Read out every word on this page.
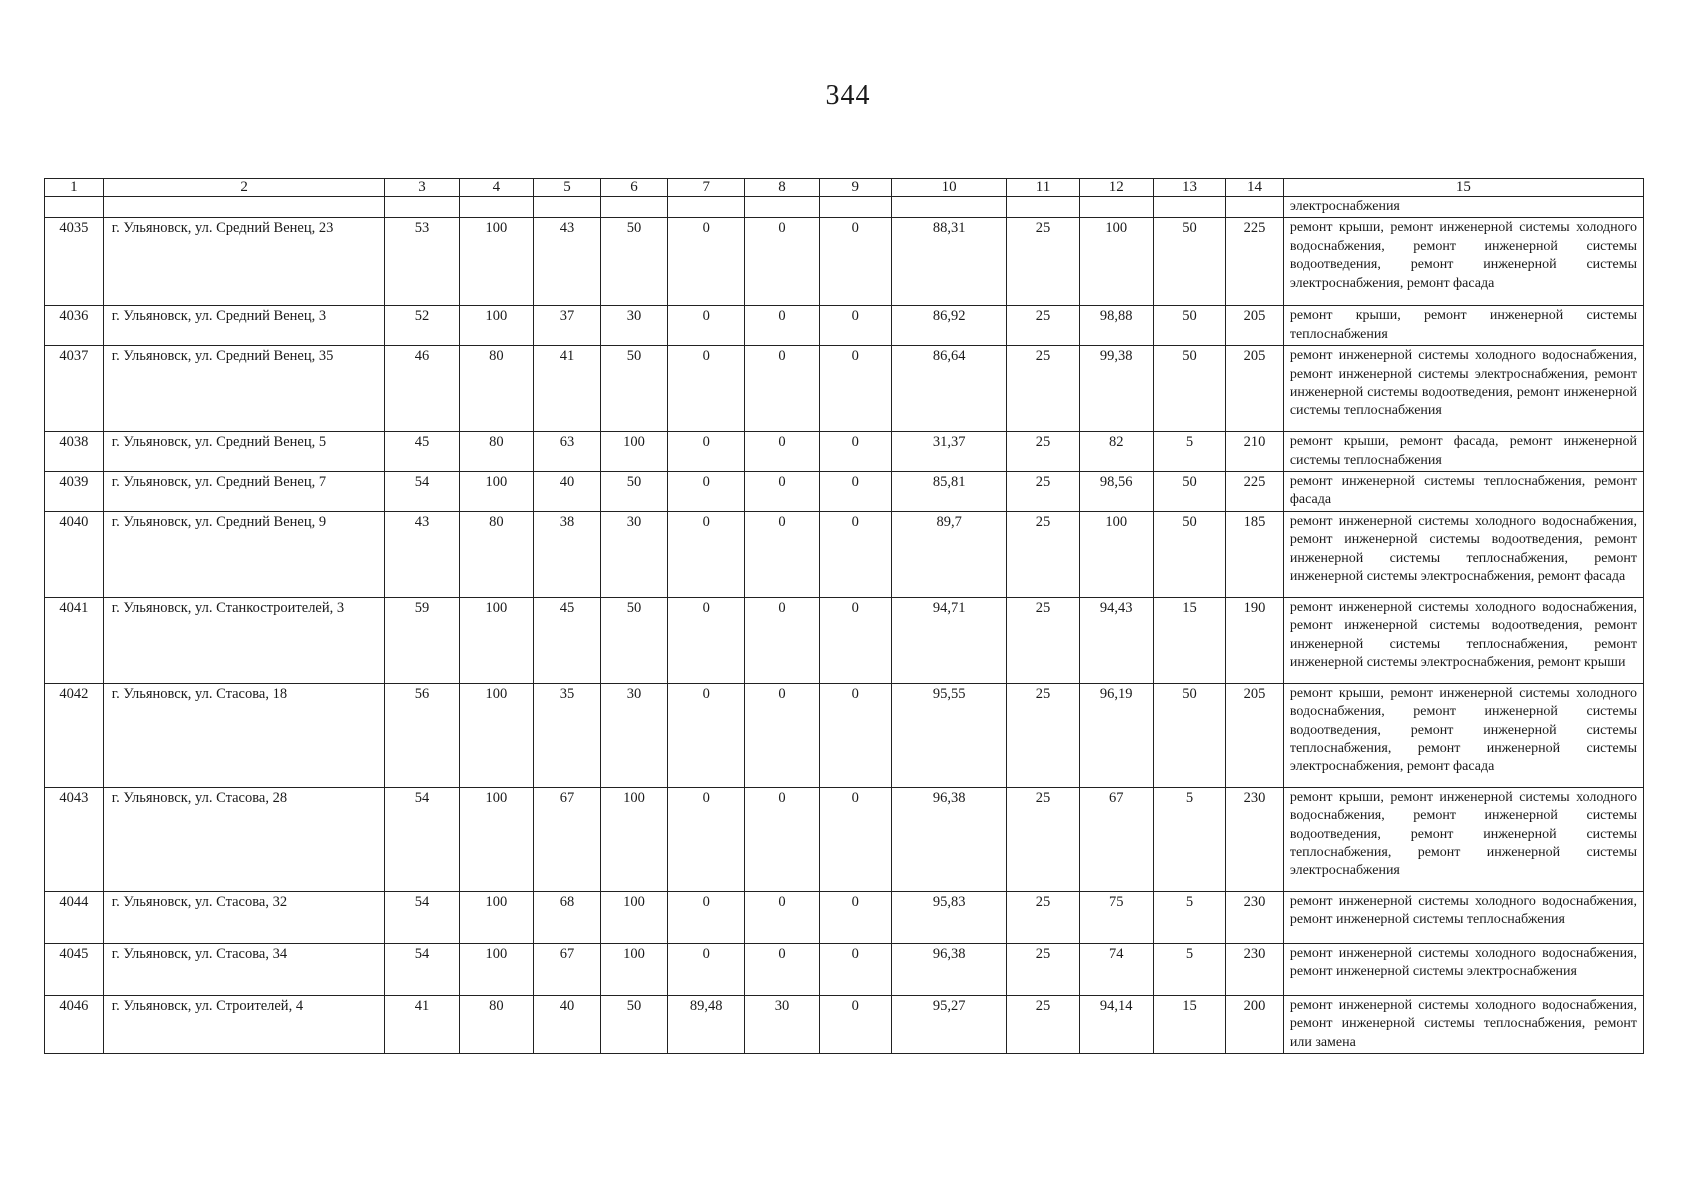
344
1	2	3	4	5	6	7	8	9	10	11	12	13	14	15
														электроснабжения
4035	г. Ульяновск, ул. Средний Венец, 23	53	100	43	50	0	0	0	88,31	25	100	50	225	ремонт крыши, ремонт инженерной системы холодного водоснабжения, ремонт инженерной системы водоотведения, ремонт инженерной системы электроснабжения, ремонт фасада
4036	г. Ульяновск, ул. Средний Венец, 3	52	100	37	30	0	0	0	86,92	25	98,88	50	205	ремонт крыши, ремонт инженерной системы теплоснабжения
4037	г. Ульяновск, ул. Средний Венец, 35	46	80	41	50	0	0	0	86,64	25	99,38	50	205	ремонт инженерной системы холодного водоснабжения, ремонт инженерной системы электроснабжения, ремонт инженерной системы водоотведения, ремонт инженерной системы теплоснабжения
4038	г. Ульяновск, ул. Средний Венец, 5	45	80	63	100	0	0	0	31,37	25	82	5	210	ремонт крыши, ремонт фасада, ремонт инженерной системы теплоснабжения
4039	г. Ульяновск, ул. Средний Венец, 7	54	100	40	50	0	0	0	85,81	25	98,56	50	225	ремонт инженерной системы теплоснабжения, ремонт фасада
4040	г. Ульяновск, ул. Средний Венец, 9	43	80	38	30	0	0	0	89,7	25	100	50	185	ремонт инженерной системы холодного водоснабжения, ремонт инженерной системы водоотведения, ремонт инженерной системы теплоснабжения, ремонт инженерной системы электроснабжения, ремонт фасада
4041	г. Ульяновск, ул. Станкостроителей, 3	59	100	45	50	0	0	0	94,71	25	94,43	15	190	ремонт инженерной системы холодного водоснабжения, ремонт инженерной системы водоотведения, ремонт инженерной системы теплоснабжения, ремонт инженерной системы электроснабжения, ремонт крыши
4042	г. Ульяновск, ул. Стасова, 18	56	100	35	30	0	0	0	95,55	25	96,19	50	205	ремонт крыши, ремонт инженерной системы холодного водоснабжения, ремонт инженерной системы водоотведения, ремонт инженерной системы теплоснабжения, ремонт инженерной системы электроснабжения, ремонт фасада
4043	г. Ульяновск, ул. Стасова, 28	54	100	67	100	0	0	0	96,38	25	67	5	230	ремонт крыши, ремонт инженерной системы холодного водоснабжения, ремонт инженерной системы водоотведения, ремонт инженерной системы теплоснабжения, ремонт инженерной системы электроснабжения
4044	г. Ульяновск, ул. Стасова, 32	54	100	68	100	0	0	0	95,83	25	75	5	230	ремонт инженерной системы холодного водоснабжения, ремонт инженерной системы теплоснабжения
4045	г. Ульяновск, ул. Стасова, 34	54	100	67	100	0	0	0	96,38	25	74	5	230	ремонт инженерной системы холодного водоснабжения, ремонт инженерной системы электроснабжения
4046	г. Ульяновск, ул. Строителей, 4	41	80	40	50	89,48	30	0	95,27	25	94,14	15	200	ремонт инженерной системы холодного водоснабжения, ремонт инженерной системы теплоснабжения, ремонт или замена
